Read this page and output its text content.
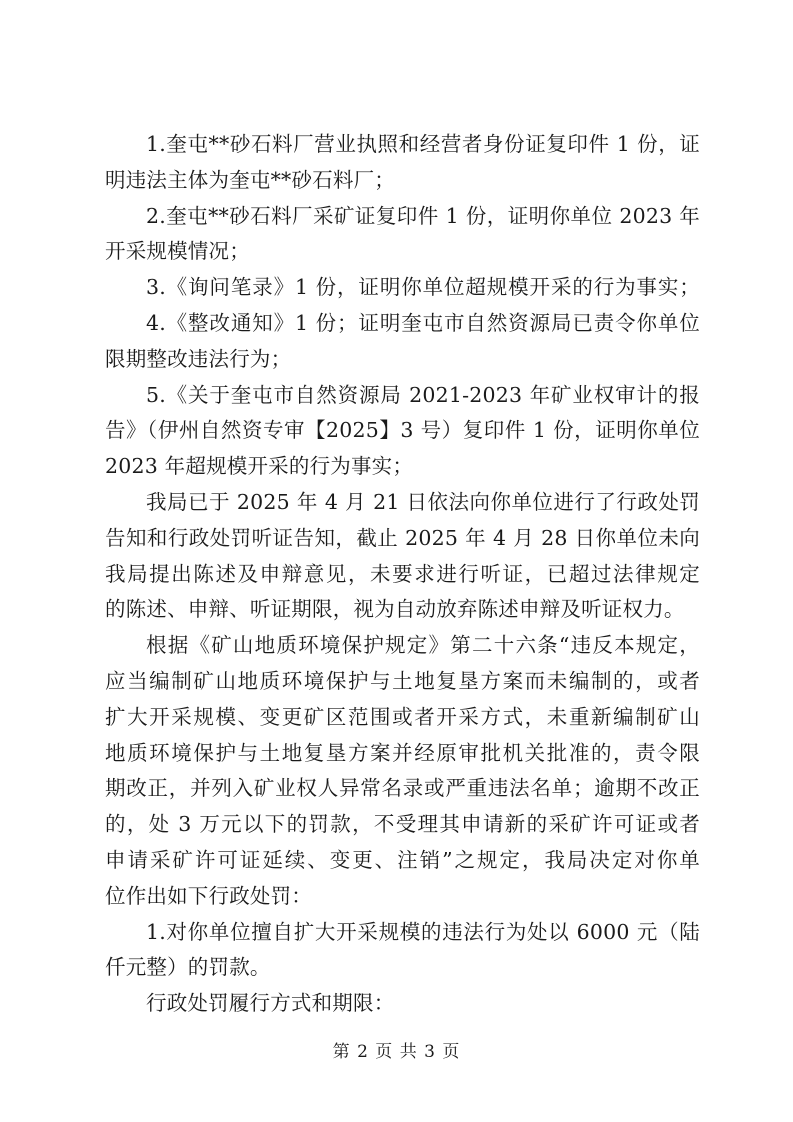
1.奎屯**砂石料厂营业执照和经营者身份证复印件 1 份，证
明违法主体为奎屯**砂石料厂；
2.奎屯**砂石料厂采矿证复印件 1 份，证明你单位 2023 年
开采规模情况；
3.《询问笔录》1 份，证明你单位超规模开采的行为事实；
4.《整改通知》1 份；证明奎屯市自然资源局已责令你单位
限期整改违法行为；
5.《关于奎屯市自然资源局 2021-2023 年矿业权审计的报
告》（伊州自然资专审【2025】3 号）复印件 1 份，证明你单位
2023 年超规模开采的行为事实；
我局已于 2025 年 4 月 21 日依法向你单位进行了行政处罚
告知和行政处罚听证告知，截止 2025 年 4 月 28 日你单位未向
我局提出陈述及申辩意见，未要求进行听证，已超过法律规定
的陈述、申辩、听证期限，视为自动放弃陈述申辩及听证权力。
根据《矿山地质环境保护规定》第二十六条“违反本规定，
应当编制矿山地质环境保护与土地复垦方案而未编制的，或者
扩大开采规模、变更矿区范围或者开采方式，未重新编制矿山
地质环境保护与土地复垦方案并经原审批机关批准的，责令限
期改正，并列入矿业权人异常名录或严重违法名单；逾期不改正
的，处 3 万元以下的罚款，不受理其申请新的采矿许可证或者
申请采矿许可证延续、变更、注销”之规定，我局决定对你单
位作出如下行政处罚：
1.对你单位擅自扩大开采规模的违法行为处以 6000 元（陆
仟元整）的罚款。
行政处罚履行方式和期限：
第 2 页 共 3 页
